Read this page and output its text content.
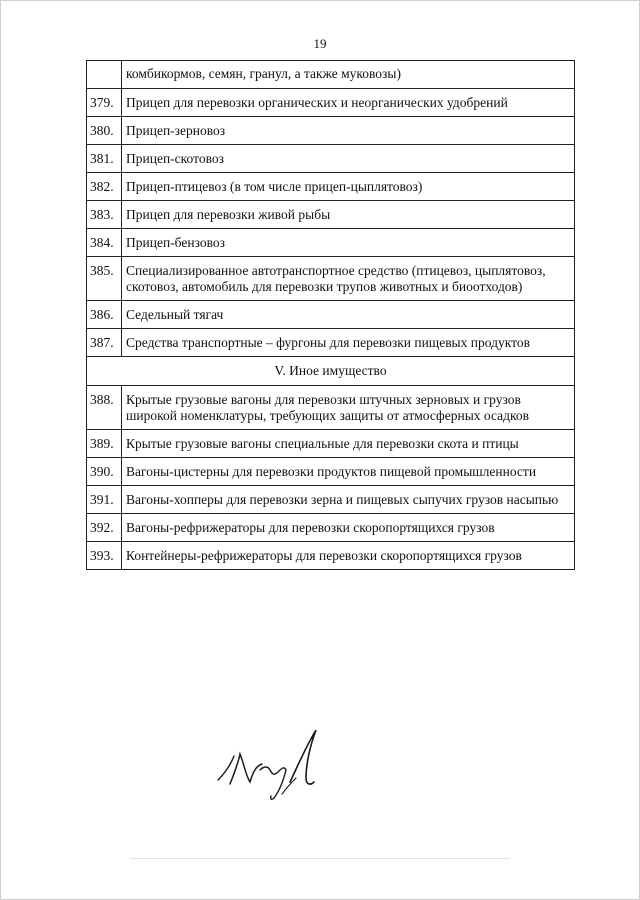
19
	комбикормов, семян, гранул, а также муковозы)
379.	Прицеп для перевозки органических и неорганических удобрений
380.	Прицеп-зерновоз
381.	Прицеп-скотовоз
382.	Прицеп-птицевоз (в том числе прицеп-цыплятовоз)
383.	Прицеп для перевозки живой рыбы
384.	Прицеп-бензовоз
385.	Специализированное автотранспортное средство (птицевоз, цыплятовоз, скотовоз, автомобиль для перевозки трупов животных и биоотходов)
386.	Седельный тягач
387.	Средства транспортные – фургоны для перевозки пищевых продуктов
V. Иное имущество	
388.	Крытые грузовые вагоны для перевозки штучных зерновых и грузов широкой номенклатуры, требующих защиты от атмосферных осадков
389.	Крытые грузовые вагоны специальные для перевозки скота и птицы
390.	Вагоны-цистерны для перевозки продуктов пищевой промышленности
391.	Вагоны-хопперы для перевозки зерна и пищевых сыпучих грузов насыпью
392.	Вагоны-рефрижераторы для перевозки скоропортящихся грузов
393.	Контейнеры-рефрижераторы для перевозки скоропортящихся грузов
